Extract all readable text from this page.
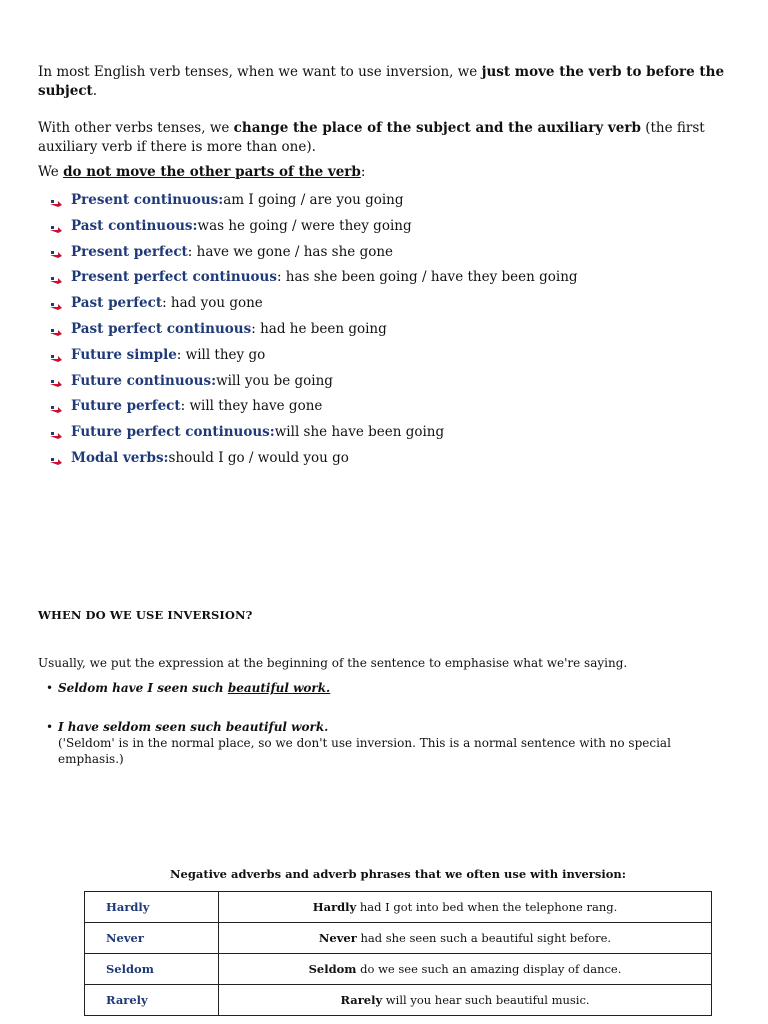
In most English verb tenses, when we want to use inversion, we just move the verb to before the subject.
With other verbs tenses, we change the place of the subject and the auxiliary verb (the first auxiliary verb if there is more than one).
We do not move the other parts of the verb:
Present continuous: am I going / are you going
Past continuous: was he going / were they going
Present perfect : have we gone / has she gone
Present perfect continuous : has she been going / have they been going
Past perfect : had you gone
Past perfect continuous : had he been going
Future simple : will they go
Future continuous: will you be going
Future perfect : will they have gone
Future perfect continuous: will she have been going
Modal verbs: should I go / would you go
WHEN DO WE USE INVERSION?
Usually, we put the expression at the beginning of the sentence to emphasise what we're saying.
• Seldom have I seen such beautiful work.
• I have seldom seen such beautiful work.
('Seldom' is in the normal place, so we don't use inversion. This is a normal sentence with no special emphasis.)
Negative adverbs and adverb phrases that we often use with inversion:
Hardly	Hardly had I got into bed when the telephone rang.
Never	Never had she seen such a beautiful sight before.
Seldom	Seldom do we see such an amazing display of dance.
Rarely	Rarely will you hear such beautiful music.
